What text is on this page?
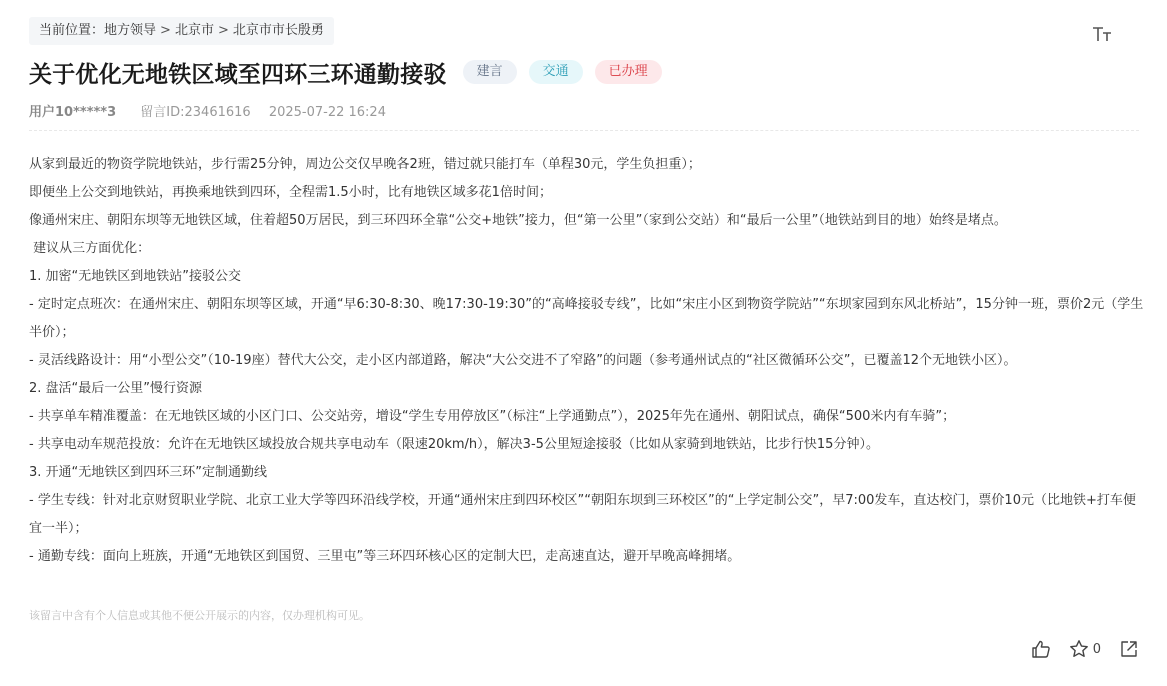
当前位置：地方领导 > 北京市 > 北京市市长殷勇
关于优化无地铁区域至四环三环通勤接驳	建言	交通	已办理
用户10*****3 留言ID:23461616 2025-07-22 16:24

从家到最近的物资学院地铁站，步行需25分钟，周边公交仅早晚各2班，错过就只能打车（单程30元，学生负担重）；

即便坐上公交到地铁站，再换乘地铁到四环，全程需1.5小时，比有地铁区域多花1倍时间；

像通州宋庄、朝阳东坝等无地铁区域，住着超50万居民，到三环四环全靠“公交+地铁”接力，但“第一公里”（家到公交站）和“最后一公里”（地铁站到目的地）始终是堵点。

建议从三方面优化：

1. 加密“无地铁区到地铁站”接驳公交

- 定时定点班次：在通州宋庄、朝阳东坝等区域，开通“早6:30-8:30、晚17:30-19:30”的“高峰接驳专线”，比如“宋庄小区到物资学院站”“东坝家园到东风北桥站”，15分钟一班，票价2元（学生半价）；

- 灵活线路设计：用“小型公交”（10-19座）替代大公交，走小区内部道路，解决“大公交进不了窄路”的问题（参考通州试点的“社区微循环公交”，已覆盖12个无地铁小区）。

2. 盘活“最后一公里”慢行资源

- 共享单车精准覆盖：在无地铁区域的小区门口、公交站旁，增设“学生专用停放区”（标注“上学通勤点”），2025年先在通州、朝阳试点，确保“500米内有车骑”；

- 共享电动车规范投放：允许在无地铁区域投放合规共享电动车（限速20km/h），解决3-5公里短途接驳（比如从家骑到地铁站，比步行快15分钟）。

3. 开通“无地铁区到四环三环”定制通勤线

- 学生专线：针对北京财贸职业学院、北京工业大学等四环沿线学校，开通“通州宋庄到四环校区”“朝阳东坝到三环校区”的“上学定制公交”，早7:00发车，直达校门，票价10元（比地铁+打车便宜一半）；

- 通勤专线：面向上班族，开通“无地铁区到国贸、三里屯”等三环四环核心区的定制大巴，走高速直达，避开早晚高峰拥堵。

该留言中含有个人信息或其他不便公开展示的内容，仅办理机构可见。
0
